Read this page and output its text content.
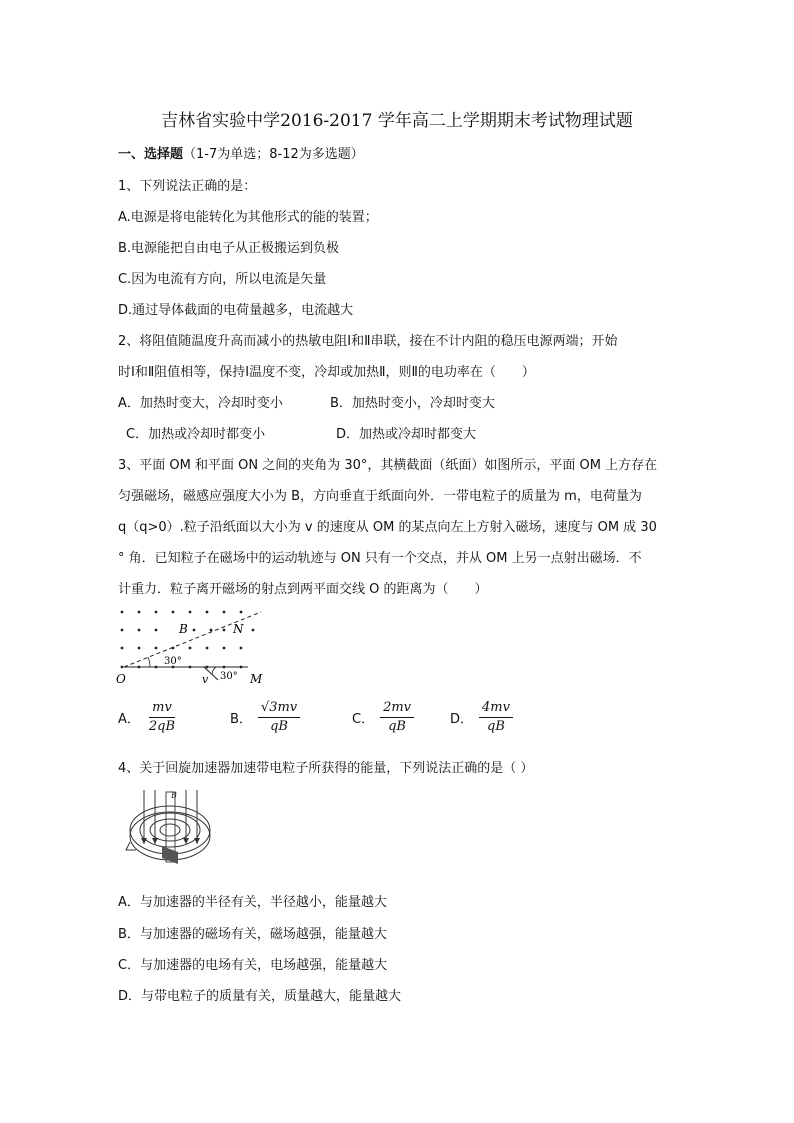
吉林省实验中学2016-2017 学年高二上学期期末考试物理试题
一、选择题（1-7为单选；8-12为多选题）
1、下列说法正确的是：
A.电源是将电能转化为其他形式的能的装置；
B.电源能把自由电子从正极搬运到负极
C.因为电流有方向，所以电流是矢量
D.通过导体截面的电荷量越多，电流越大
2、将阻值随温度升高而减小的热敏电阻Ⅰ和Ⅱ串联，接在不计内阻的稳压电源两端；开始
时Ⅰ和Ⅱ阻值相等，保持Ⅰ温度不变，冷却或加热Ⅱ，则Ⅱ的电功率在（　　）
A．加热时变大，冷却时变小	B．加热时变小，冷却时变大
C．加热或冷却时都变小	D．加热或冷却时都变大
3、平面 OM 和平面 ON 之间的夹角为 30°，其横截面（纸面）如图所示，平面 OM 上方存在
匀强磁场，磁感应强度大小为 B，方向垂直于纸面向外．一带电粒子的质量为 m，电荷量为
q（q>0）.粒子沿纸面以大小为 v 的速度从 OM 的某点向左上方射入磁场，速度与 OM 成 30
° 角．已知粒子在磁场中的运动轨迹与 ON 只有一个交点，并从 OM 上另一点射出磁场．不
计重力．粒子离开磁场的射点到两平面交线 O 的距离为（　　）
30°
30°
B	N
O	M
v
A． $\frac{mv}{2qB}$	B． $\frac{√3mv}{qB}$	C． $\frac{2mv}{qB}$	D． $\frac{4mv}{qB}$
4、关于回旋加速器加速带电粒子所获得的能量，下列说法正确的是（ ）
B
A．与加速器的半径有关，半径越小，能量越大
B．与加速器的磁场有关，磁场越强，能量越大
C．与加速器的电场有关，电场越强，能量越大
D．与带电粒子的质量有关，质量越大，能量越大
